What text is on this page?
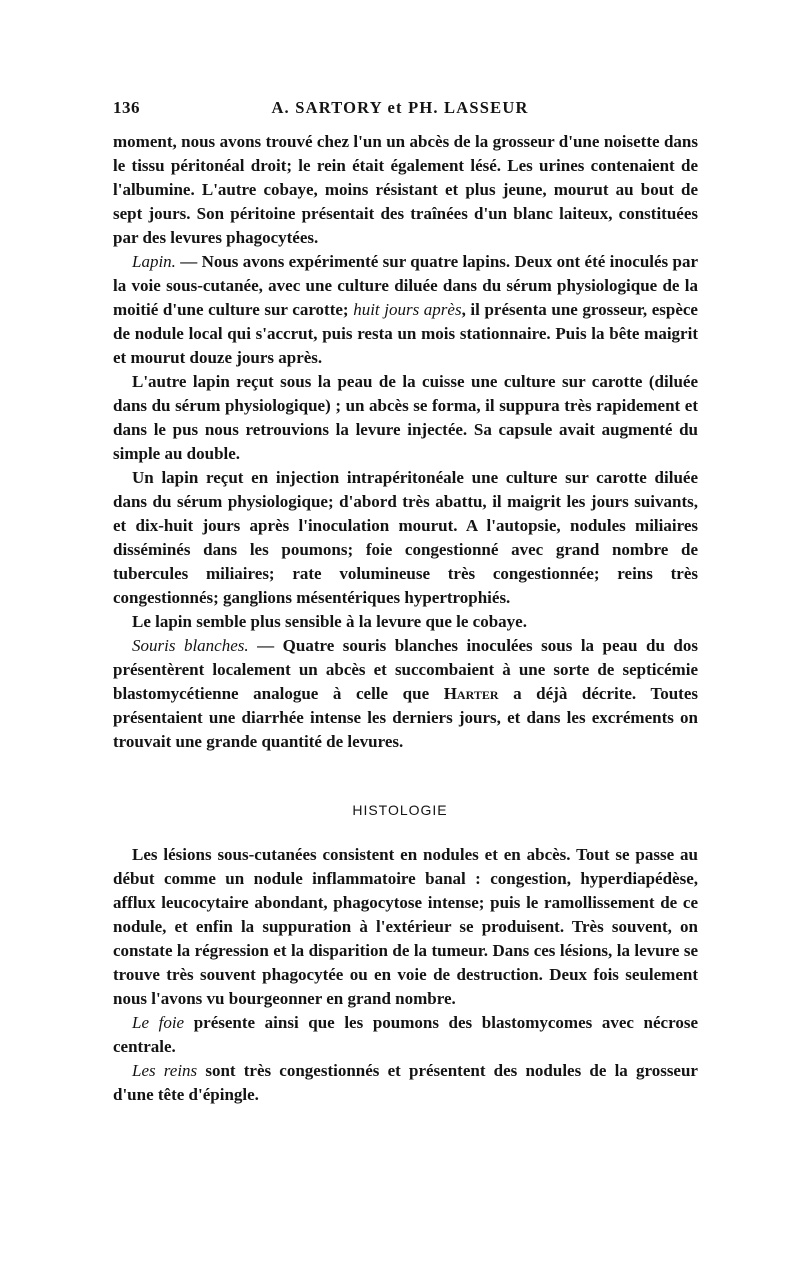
136	A. SARTORY et PH. LASSEUR

moment, nous avons trouvé chez l'un un abcès de la grosseur d'une noisette dans le tissu péritonéal droit; le rein était également lésé. Les urines contenaient de l'albumine. L'autre cobaye, moins résistant et plus jeune, mourut au bout de sept jours. Son péritoine présentait des traînées d'un blanc laiteux, constituées par des levures phagocytées.

Lapin. — Nous avons expérimenté sur quatre lapins. Deux ont été inoculés par la voie sous-cutanée, avec une culture diluée dans du sérum physiologique de la moitié d'une culture sur carotte; huit jours après, il présenta une grosseur, espèce de nodule local qui s'accrut, puis resta un mois stationnaire. Puis la bête maigrit et mourut douze jours après.

L'autre lapin reçut sous la peau de la cuisse une culture sur carotte (diluée dans du sérum physiologique) ; un abcès se forma, il suppura très rapidement et dans le pus nous retrouvions la levure injectée. Sa capsule avait augmenté du simple au double.

Un lapin reçut en injection intrapéritonéale une culture sur carotte diluée dans du sérum physiologique; d'abord très abattu, il maigrit les jours suivants, et dix-huit jours après l'inoculation mourut. A l'autopsie, nodules miliaires disséminés dans les poumons; foie congestionné avec grand nombre de tubercules miliaires; rate volumineuse très congestionnée; reins très congestionnés; ganglions mésentériques hypertrophiés.

Le lapin semble plus sensible à la levure que le cobaye.

Souris blanches. — Quatre souris blanches inoculées sous la peau du dos présentèrent localement un abcès et succombaient à une sorte de septicémie blastomycétienne analogue à celle que Harter a déjà décrite. Toutes présentaient une diarrhée intense les derniers jours, et dans les excréments on trouvait une grande quantité de levures.

HISTOLOGIE

Les lésions sous-cutanées consistent en nodules et en abcès. Tout se passe au début comme un nodule inflammatoire banal : congestion, hyperdiapédèse, afflux leucocytaire abondant, phagocytose intense; puis le ramollissement de ce nodule, et enfin la suppuration à l'extérieur se produisent. Très souvent, on constate la régression et la disparition de la tumeur. Dans ces lésions, la levure se trouve très souvent phagocytée ou en voie de destruction. Deux fois seulement nous l'avons vu bourgeonner en grand nombre.

Le foie présente ainsi que les poumons des blastomycomes avec nécrose centrale.

Les reins sont très congestionnés et présentent des nodules de la grosseur d'une tête d'épingle.
